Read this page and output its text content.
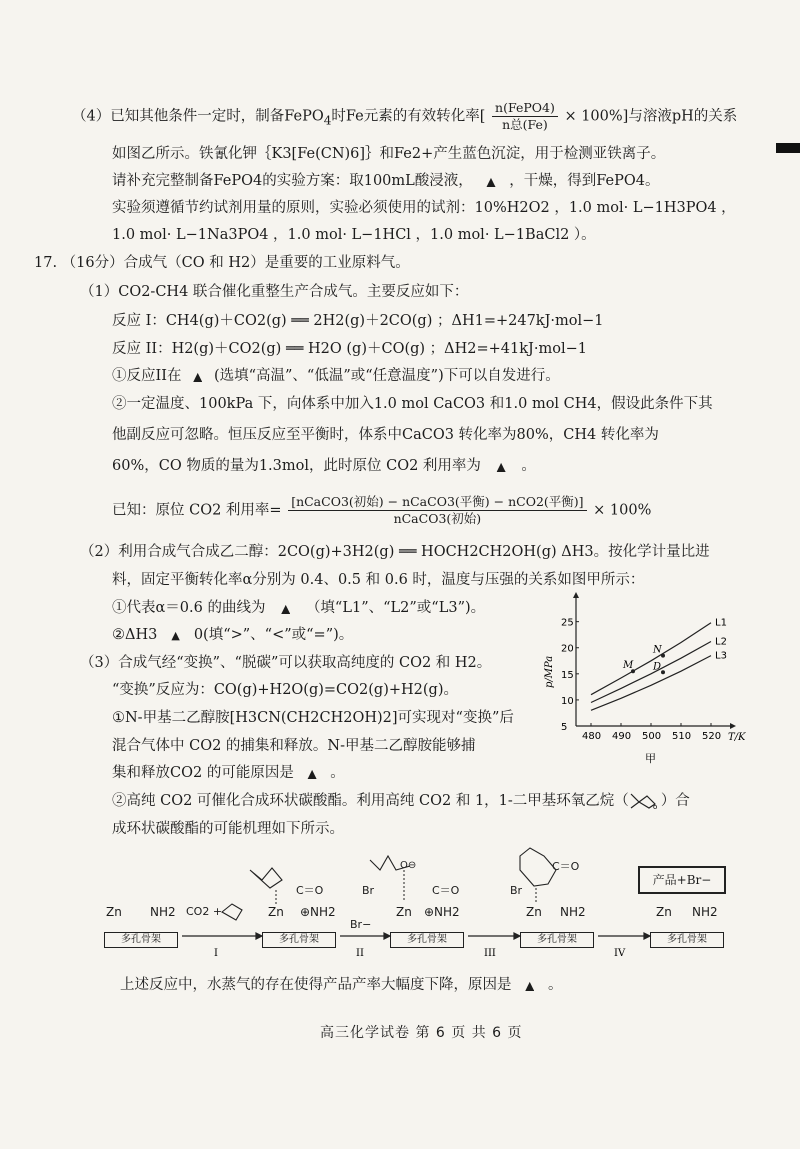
（4）已知其他条件一定时，制备FePO$_4$时Fe元素的有效转化率[ $\frac{\text{n(FePO4)}}{\text{n总(Fe)}} \times 100\%$]与溶液pH的关系
如图乙所示。铁氰化钾｛K3[Fe(CN)6]｝和Fe2+产生蓝色沉淀，用于检测亚铁离子。
请补充完整制备FePO4的实验方案：取100mL酸浸液， ▲ ，干燥，得到FePO4。
实验须遵循节约试剂用量的原则，实验必须使用的试剂：10%H2O2 ，1.0 mol· L−1H3PO4 ，
1.0 mol· L−1Na3PO4 ，1.0 mol· L−1HCl ，1.0 mol· L−1BaCl2 ）。
17. （16分）合成气（CO 和 H2）是重要的工业原料气。
（1）CO2-CH4 联合催化重整生产合成气。主要反应如下：
反应 I：CH4(g)＋CO2(g) ══ 2H2(g)＋2CO(g) ；ΔH1=+247kJ·mol−1
反应 II：H2(g)＋CO2(g) ══ H2O (g)＋CO(g) ；ΔH2=+41kJ·mol−1
①反应II在 ▲ (选填“高温”、“低温”或“任意温度”)下可以自发进行。
②一定温度、100kPa 下，向体系中加入1.0 mol CaCO3 和1.0 mol CH4，假设此条件下其
他副反应可忽略。恒压反应至平衡时，体系中CaCO3 转化率为80%，CH4 转化率为
60%，CO 物质的量为1.3mol，此时原位 CO2 利用率为 ▲ 。
已知：原位 CO2 利用率= $\frac{\text{[nCaCO3(初始) − nCaCO3(平衡) − nCO2(平衡)]}}{\text{nCaCO3(初始)}} \times 100\%$
（2）利用合成气合成乙二醇：2CO(g)+3H2(g) ══ HOCH2CH2OH(g) ΔH3。按化学计量比进
料，固定平衡转化率α分别为 0.4、0.5 和 0.6 时，温度与压强的关系如图甲所示：
①代表α＝0.6 的曲线为 ▲ （填“L1”、“L2”或“L3”)。
②ΔH3 ▲ 0(填“>”、“<”或“=”)。
（3）合成气经“变换”、“脱碳”可以获取高纯度的 CO2 和 H2。
“变换”反应为：CO(g)+H2O(g)=CO2(g)+H2(g)。
①N-甲基二乙醇胺[H3CN(CH2CH2OH)2]可实现对“变换”后
混合气体中 CO2 的捕集和释放。N-甲基二乙醇胺能够捕
集和释放CO2 的可能原因是 ▲ 。
②高纯 CO2 可催化合成环状碳酸酯。利用高纯 CO2 和 1，1-二甲基环氧乙烷（	o ）合
成环状碳酸酯的可能机理如下所示。
480 490 500 510 520
5
10
15
20
25
T/K
p/MPa
L1
L2
L3
M
N
D
甲
Zn NH2
多孔骨架
CO2 +	Zn ⊕NH2
多孔骨架
C＝O
Br−
Br
Zn ⊕NH2
多孔骨架
C＝O
O⊖
Br
Zn NH2
多孔骨架
C＝O
产品+Br−
Zn NH2
多孔骨架
I	II	III	IV
上述反应中，水蒸气的存在使得产品产率大幅度下降，原因是 ▲ 。
高三化学试卷 第 6 页 共 6 页
